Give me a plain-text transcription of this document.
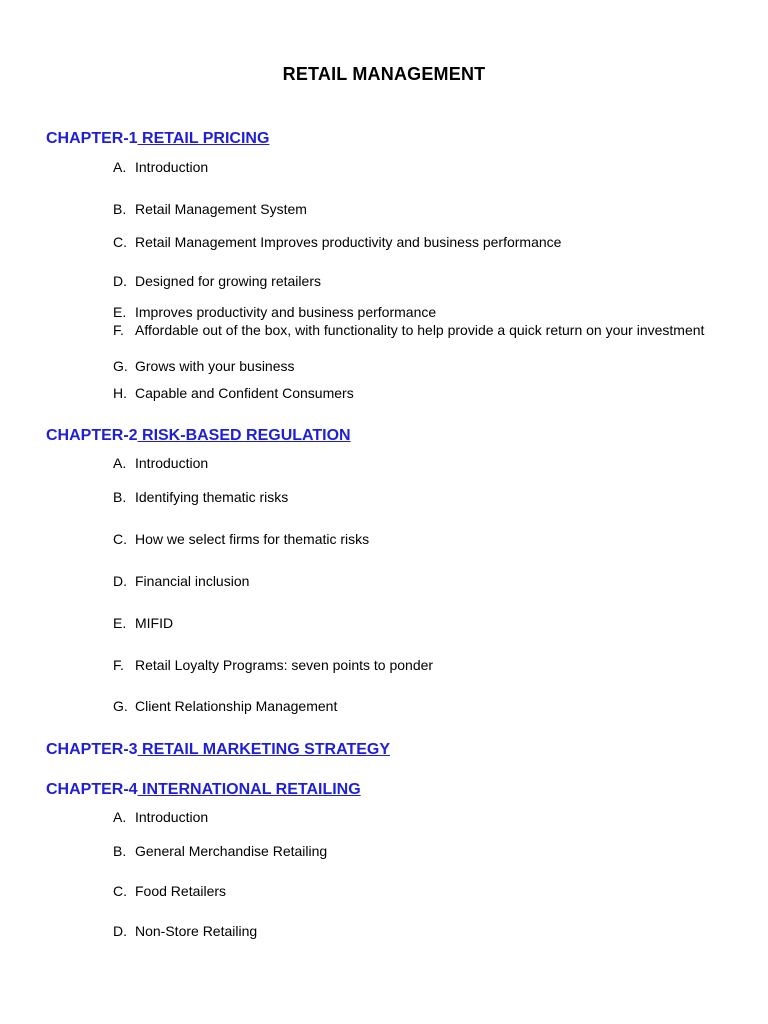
RETAIL MANAGEMENT
CHAPTER-1 RETAIL PRICING
A. Introduction
B. Retail Management System
C. Retail Management Improves productivity and business performance
D. Designed for growing retailers
E. Improves productivity and business performance
F. Affordable out of the box, with functionality to help provide a quick return on your investment
G. Grows with your business
H. Capable and Confident Consumers
CHAPTER-2 RISK-BASED REGULATION
A. Introduction
B. Identifying thematic risks
C. How we select firms for thematic risks
D. Financial inclusion
E. MIFID
F. Retail Loyalty Programs: seven points to ponder
G. Client Relationship Management
CHAPTER-3 RETAIL MARKETING STRATEGY
CHAPTER-4 INTERNATIONAL RETAILING
A. Introduction
B. General Merchandise Retailing
C. Food Retailers
D. Non-Store Retailing
